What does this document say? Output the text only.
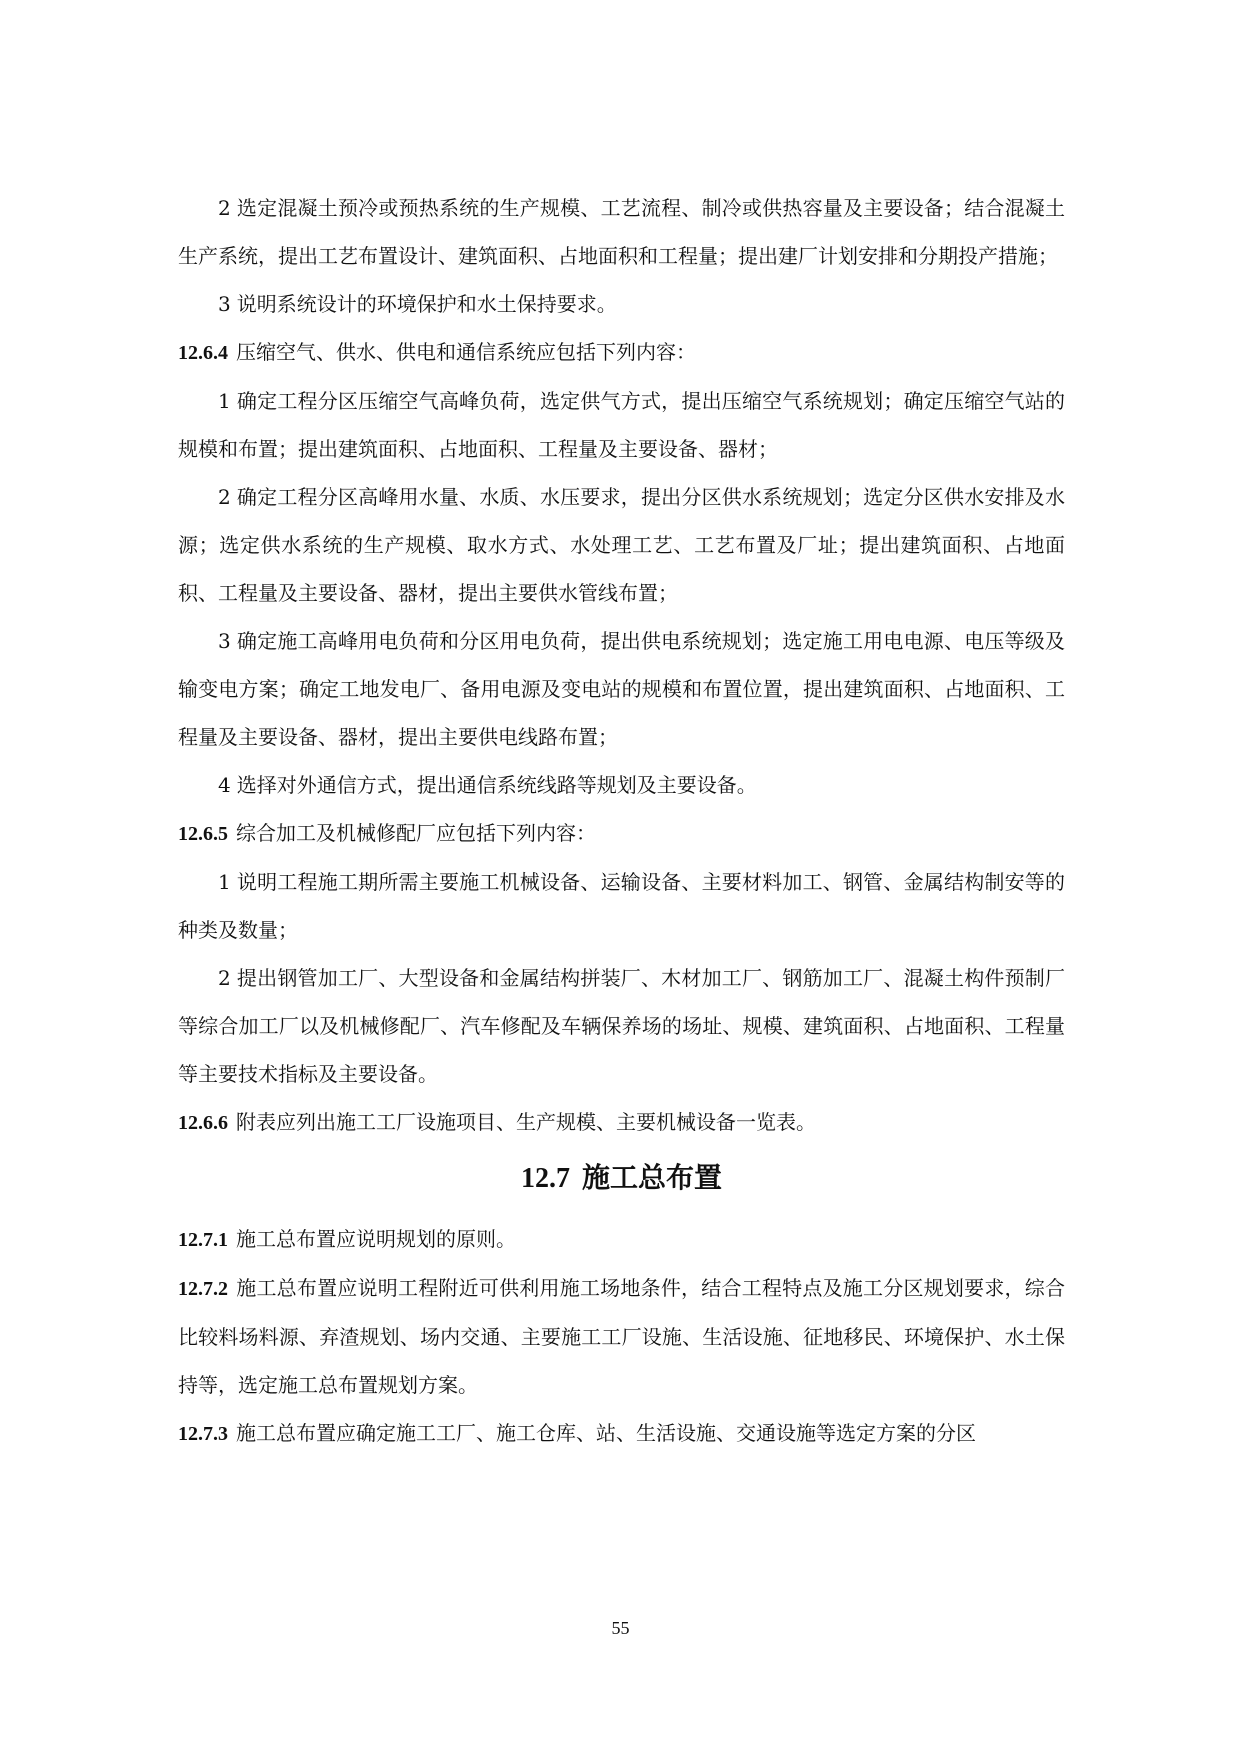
2 选定混凝土预冷或预热系统的生产规模、工艺流程、制冷或供热容量及主要设备；结合混凝土生产系统，提出工艺布置设计、建筑面积、占地面积和工程量；提出建厂计划安排和分期投产措施；

3 说明系统设计的环境保护和水土保持要求。

12.6.4 压缩空气、供水、供电和通信系统应包括下列内容：

1 确定工程分区压缩空气高峰负荷，选定供气方式，提出压缩空气系统规划；确定压缩空气站的规模和布置；提出建筑面积、占地面积、工程量及主要设备、器材；

2 确定工程分区高峰用水量、水质、水压要求，提出分区供水系统规划；选定分区供水安排及水源；选定供水系统的生产规模、取水方式、水处理工艺、工艺布置及厂址；提出建筑面积、占地面积、工程量及主要设备、器材，提出主要供水管线布置；

3 确定施工高峰用电负荷和分区用电负荷，提出供电系统规划；选定施工用电电源、电压等级及输变电方案；确定工地发电厂、备用电源及变电站的规模和布置位置，提出建筑面积、占地面积、工程量及主要设备、器材，提出主要供电线路布置；

4 选择对外通信方式，提出通信系统线路等规划及主要设备。

12.6.5 综合加工及机械修配厂应包括下列内容：

1 说明工程施工期所需主要施工机械设备、运输设备、主要材料加工、钢管、金属结构制安等的种类及数量；

2 提出钢管加工厂、大型设备和金属结构拼装厂、木材加工厂、钢筋加工厂、混凝土构件预制厂等综合加工厂以及机械修配厂、汽车修配及车辆保养场的场址、规模、建筑面积、占地面积、工程量等主要技术指标及主要设备。

12.6.6 附表应列出施工工厂设施项目、生产规模、主要机械设备一览表。

12.7 施工总布置

12.7.1 施工总布置应说明规划的原则。

12.7.2 施工总布置应说明工程附近可供利用施工场地条件，结合工程特点及施工分区规划要求，综合比较料场料源、弃渣规划、场内交通、主要施工工厂设施、生活设施、征地移民、环境保护、水土保持等，选定施工总布置规划方案。

12.7.3 施工总布置应确定施工工厂、施工仓库、站、生活设施、交通设施等选定方案的分区

55
